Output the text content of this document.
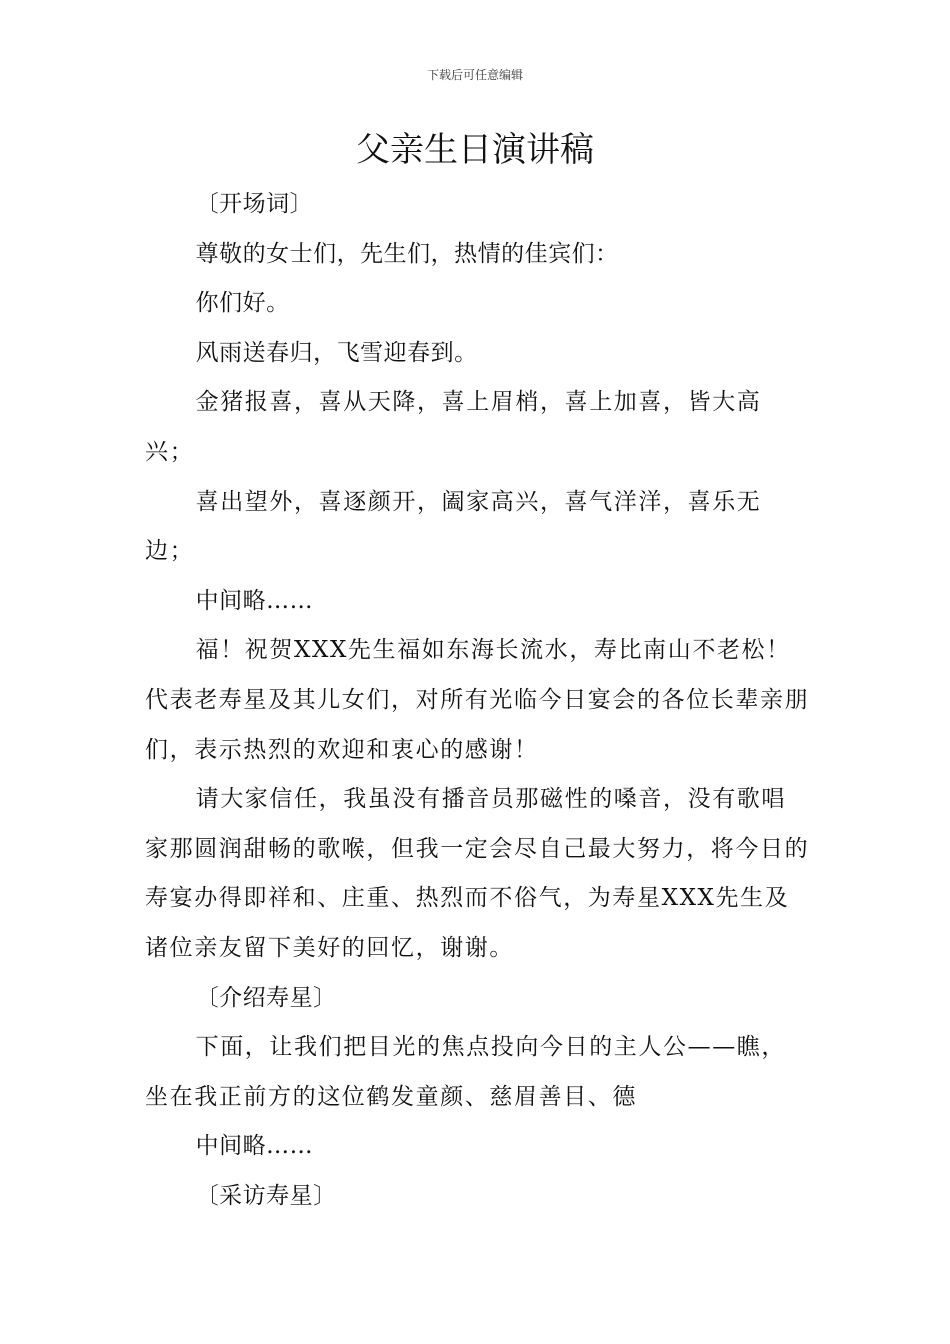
下载后可任意编辑
父亲生日演讲稿

〔开场词〕

尊敬的女士们，先生们，热情的佳宾们：

你们好。

风雨送春归，飞雪迎春到。

金猪报喜，喜从天降，喜上眉梢，喜上加喜，皆大高兴；

喜出望外，喜逐颜开，阖家高兴，喜气洋洋，喜乐无边；

中间略……

福！祝贺XXX先生福如东海长流水，寿比南山不老松！代表老寿星及其儿女们，对所有光临今日宴会的各位长辈亲朋们，表示热烈的欢迎和衷心的感谢！

请大家信任，我虽没有播音员那磁性的嗓音，没有歌唱家那圆润甜畅的歌喉，但我一定会尽自己最大努力，将今日的寿宴办得即祥和、庄重、热烈而不俗气，为寿星XXX先生及诸位亲友留下美好的回忆，谢谢。

〔介绍寿星〕

下面，让我们把目光的焦点投向今日的主人公——瞧，坐在我正前方的这位鹤发童颜、慈眉善目、德

中间略……

〔采访寿星〕
